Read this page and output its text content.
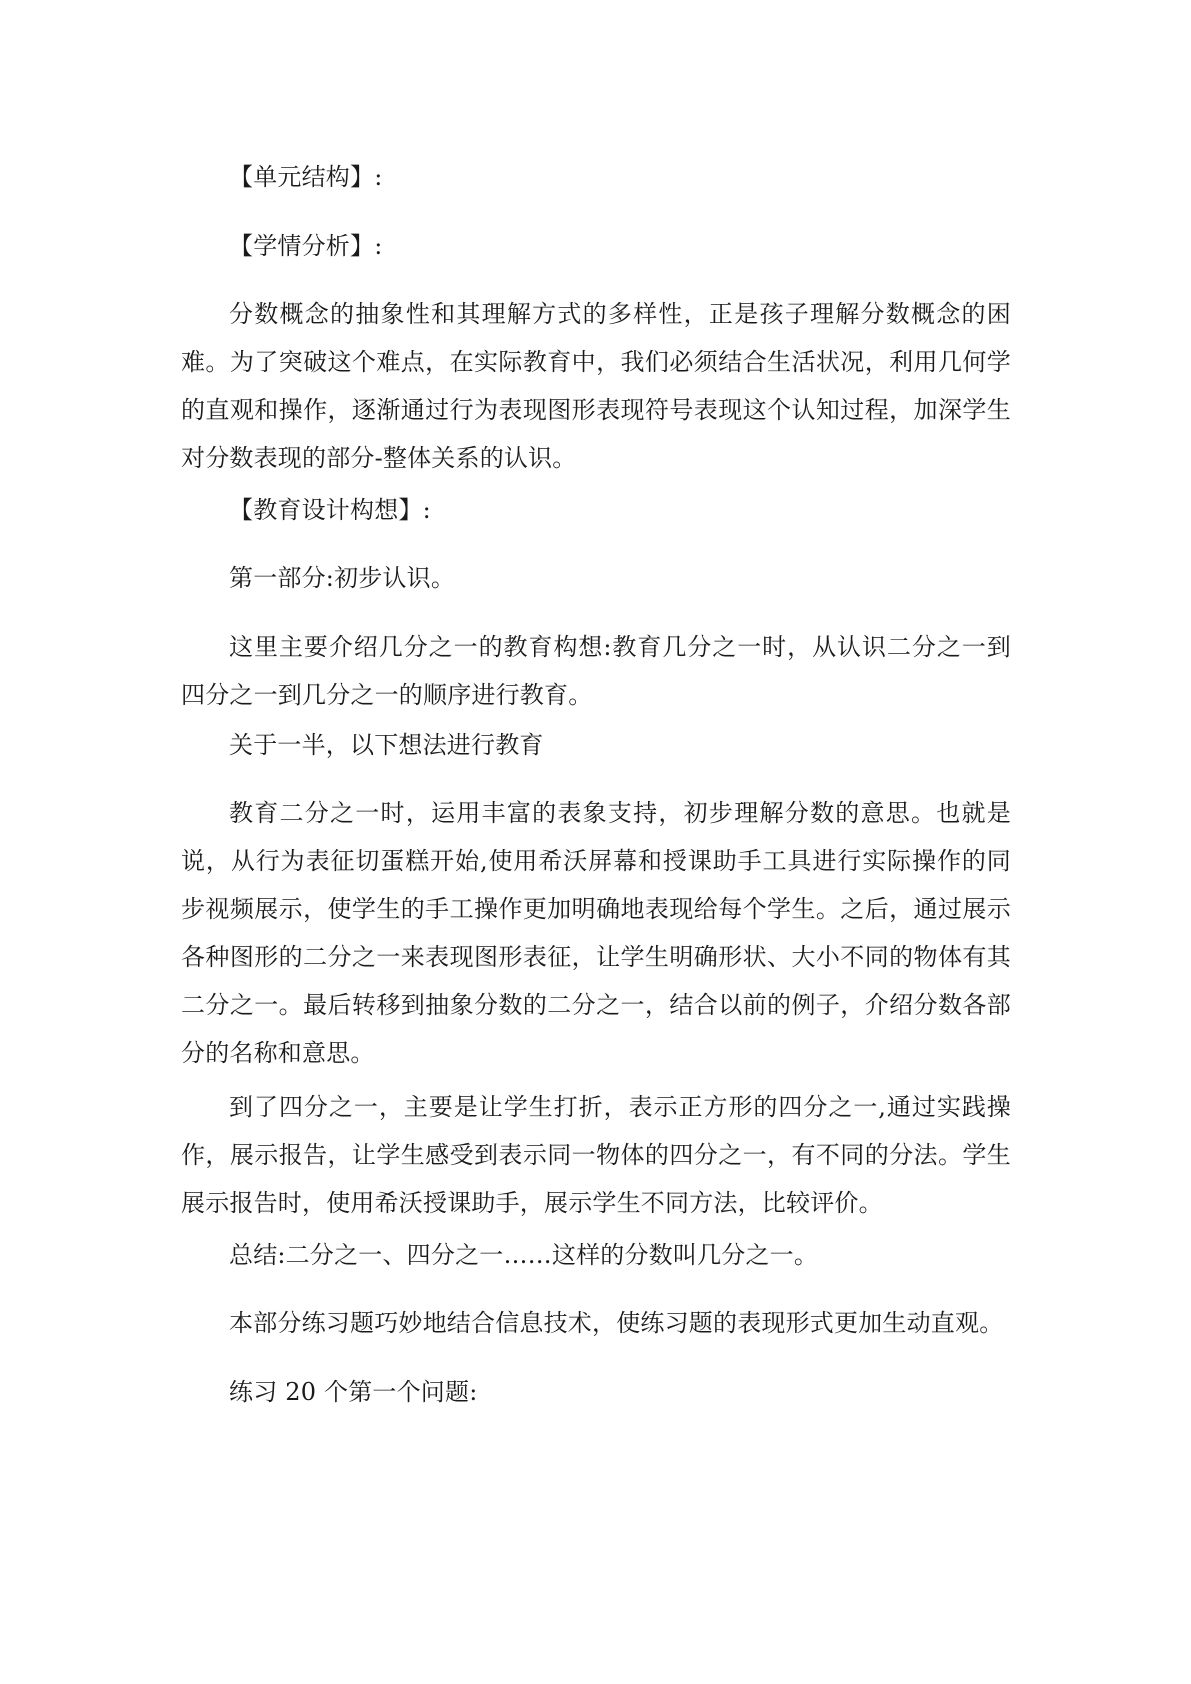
【单元结构】:

【学情分析】:

分数概念的抽象性和其理解方式的多样性，正是孩子理解分数概念的困难。为了突破这个难点，在实际教育中，我们必须结合生活状况，利用几何学的直观和操作，逐渐通过行为表现图形表现符号表现这个认知过程，加深学生对分数表现的部分-整体关系的认识。

【教育设计构想】:

第一部分:初步认识。

这里主要介绍几分之一的教育构想:教育几分之一时，从认识二分之一到四分之一到几分之一的顺序进行教育。

关于一半，以下想法进行教育

教育二分之一时，运用丰富的表象支持，初步理解分数的意思。也就是说，从行为表征切蛋糕开始,使用希沃屏幕和授课助手工具进行实际操作的同步视频展示，使学生的手工操作更加明确地表现给每个学生。之后，通过展示各种图形的二分之一来表现图形表征，让学生明确形状、大小不同的物体有其二分之一。最后转移到抽象分数的二分之一，结合以前的例子，介绍分数各部分的名称和意思。

到了四分之一，主要是让学生打折，表示正方形的四分之一,通过实践操作，展示报告，让学生感受到表示同一物体的四分之一，有不同的分法。学生展示报告时，使用希沃授课助手，展示学生不同方法，比较评价。

总结:二分之一、四分之一……这样的分数叫几分之一。

本部分练习题巧妙地结合信息技术，使练习题的表现形式更加生动直观。

练习 20 个第一个问题:
